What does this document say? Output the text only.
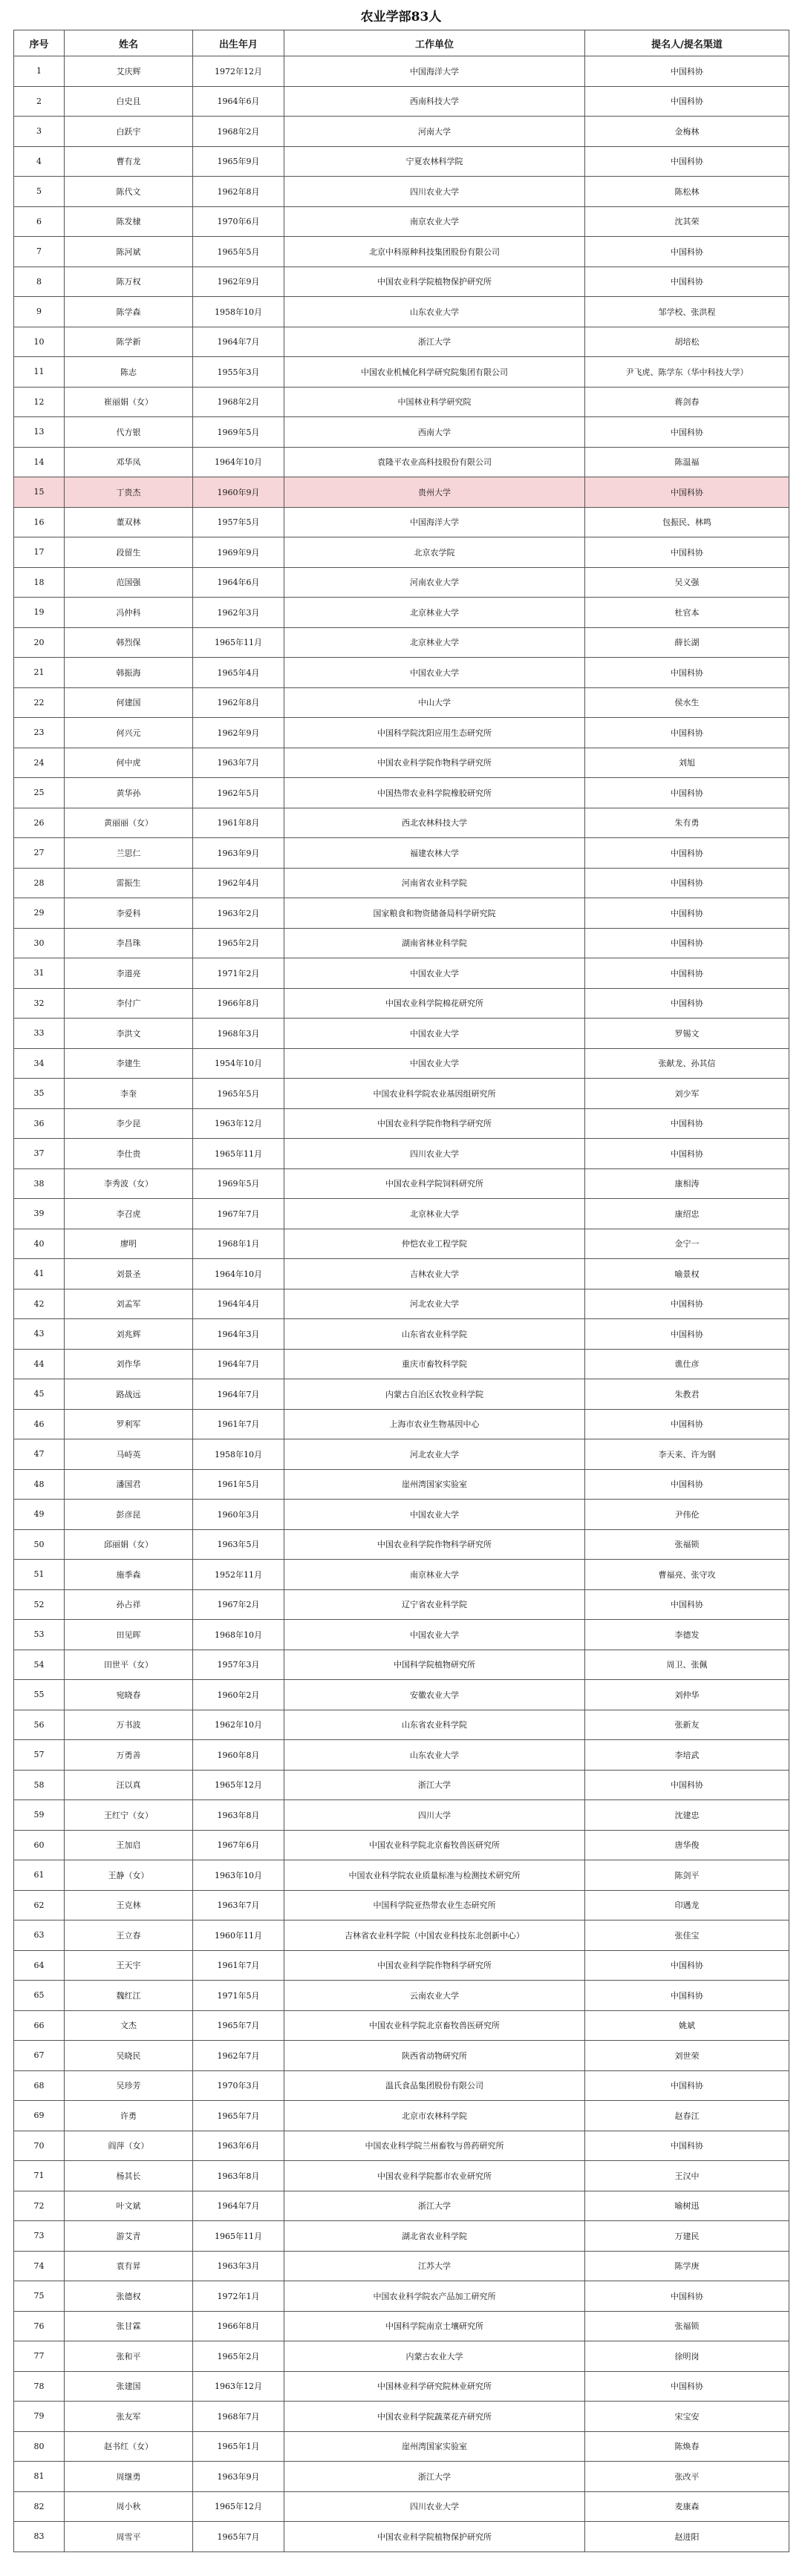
农业学部83人
序号	姓名	出生年月	工作单位	提名人/提名渠道
1	艾庆辉	1972年12月	中国海洋大学	中国科协
2	白史且	1964年6月	西南科技大学	中国科协
3	白跃宇	1968年2月	河南大学	金梅林
4	曹有龙	1965年9月	宁夏农林科学院	中国科协
5	陈代文	1962年8月	四川农业大学	陈松林
6	陈发棣	1970年6月	南京农业大学	沈其荣
7	陈河斌	1965年5月	北京中科原种科技集团股份有限公司	中国科协
8	陈万权	1962年9月	中国农业科学院植物保护研究所	中国科协
9	陈学森	1958年10月	山东农业大学	邹学校、张洪程
10	陈学新	1964年7月	浙江大学	胡培松
11	陈志	1955年3月	中国农业机械化科学研究院集团有限公司	尹飞虎、陈学东（华中科技大学）
12	崔丽娟（女）	1968年2月	中国林业科学研究院	蒋剑春
13	代方银	1969年5月	西南大学	中国科协
14	邓华凤	1964年10月	袁隆平农业高科技股份有限公司	陈温福
15	丁贵杰	1960年9月	贵州大学	中国科协
16	董双林	1957年5月	中国海洋大学	包振民、林鸣
17	段留生	1969年9月	北京农学院	中国科协
18	范国强	1964年6月	河南农业大学	吴义强
19	冯仲科	1962年3月	北京林业大学	杜官本
20	韩烈保	1965年11月	北京林业大学	薛长湖
21	韩振海	1965年4月	中国农业大学	中国科协
22	何建国	1962年8月	中山大学	侯水生
23	何兴元	1962年9月	中国科学院沈阳应用生态研究所	中国科协
24	何中虎	1963年7月	中国农业科学院作物科学研究所	刘旭
25	黄华孙	1962年5月	中国热带农业科学院橡胶研究所	中国科协
26	黄丽丽（女）	1961年8月	西北农林科技大学	朱有勇
27	兰思仁	1963年9月	福建农林大学	中国科协
28	雷振生	1962年4月	河南省农业科学院	中国科协
29	李爱科	1963年2月	国家粮食和物资储备局科学研究院	中国科协
30	李昌珠	1965年2月	湖南省林业科学院	中国科协
31	李道亮	1971年2月	中国农业大学	中国科协
32	李付广	1966年8月	中国农业科学院棉花研究所	中国科协
33	李洪文	1968年3月	中国农业大学	罗锡文
34	李建生	1954年10月	中国农业大学	张献龙、孙其信
35	李奎	1965年5月	中国农业科学院农业基因组研究所	刘少军
36	李少昆	1963年12月	中国农业科学院作物科学研究所	中国科协
37	李仕贵	1965年11月	四川农业大学	中国科协
38	李秀波（女）	1969年5月	中国农业科学院饲料研究所	康相涛
39	李召虎	1967年7月	北京林业大学	康绍忠
40	廖明	1968年1月	仲恺农业工程学院	金宁一
41	刘景圣	1964年10月	吉林农业大学	喻景权
42	刘孟军	1964年4月	河北农业大学	中国科协
43	刘兆辉	1964年3月	山东省农业科学院	中国科协
44	刘作华	1964年7月	重庆市畜牧科学院	谯仕彦
45	路战远	1964年7月	内蒙古自治区农牧业科学院	朱教君
46	罗利军	1961年7月	上海市农业生物基因中心	中国科协
47	马峙英	1958年10月	河北农业大学	李天来、许为钢
48	潘国君	1961年5月	崖州湾国家实验室	中国科协
49	彭彦昆	1960年3月	中国农业大学	尹伟伦
50	邱丽娟（女）	1963年5月	中国农业科学院作物科学研究所	张福锁
51	施季森	1952年11月	南京林业大学	曹福亮、张守攻
52	孙占祥	1967年2月	辽宁省农业科学院	中国科协
53	田见晖	1968年10月	中国农业大学	李德发
54	田世平（女）	1957年3月	中国科学院植物研究所	周卫、张佩
55	宛晓春	1960年2月	安徽农业大学	刘仲华
56	万书波	1962年10月	山东省农业科学院	张新友
57	万勇善	1960年8月	山东农业大学	李培武
58	汪以真	1965年12月	浙江大学	中国科协
59	王红宁（女）	1963年8月	四川大学	沈建忠
60	王加启	1967年6月	中国农业科学院北京畜牧兽医研究所	唐华俊
61	王静（女）	1963年10月	中国农业科学院农业质量标准与检测技术研究所	陈剑平
62	王克林	1963年7月	中国科学院亚热带农业生态研究所	印遇龙
63	王立春	1960年11月	吉林省农业科学院（中国农业科技东北创新中心）	张佳宝
64	王天宇	1961年7月	中国农业科学院作物科学研究所	中国科协
65	魏红江	1971年5月	云南农业大学	中国科协
66	文杰	1965年7月	中国农业科学院北京畜牧兽医研究所	姚斌
67	吴晓民	1962年7月	陕西省动物研究所	刘世荣
68	吴珍芳	1970年3月	温氏食品集团股份有限公司	中国科协
69	许勇	1965年7月	北京市农林科学院	赵春江
70	阎萍（女）	1963年6月	中国农业科学院兰州畜牧与兽药研究所	中国科协
71	杨其长	1963年8月	中国农业科学院都市农业研究所	王汉中
72	叶文斌	1964年7月	浙江大学	喻树迅
73	游艾青	1965年11月	湖北省农业科学院	万建民
74	袁有昇	1963年3月	江苏大学	陈学庚
75	张德权	1972年1月	中国农业科学院农产品加工研究所	中国科协
76	张甘霖	1966年8月	中国科学院南京土壤研究所	张福锁
77	张和平	1965年2月	内蒙古农业大学	徐明岗
78	张建国	1963年12月	中国林业科学研究院林业研究所	中国科协
79	张友军	1968年7月	中国农业科学院蔬菜花卉研究所	宋宝安
80	赵书红（女）	1965年1月	崖州湾国家实验室	陈焕春
81	周继勇	1963年9月	浙江大学	张改平
82	周小秋	1965年12月	四川农业大学	麦康森
83	周雪平	1965年7月	中国农业科学院植物保护研究所	赵进阳
